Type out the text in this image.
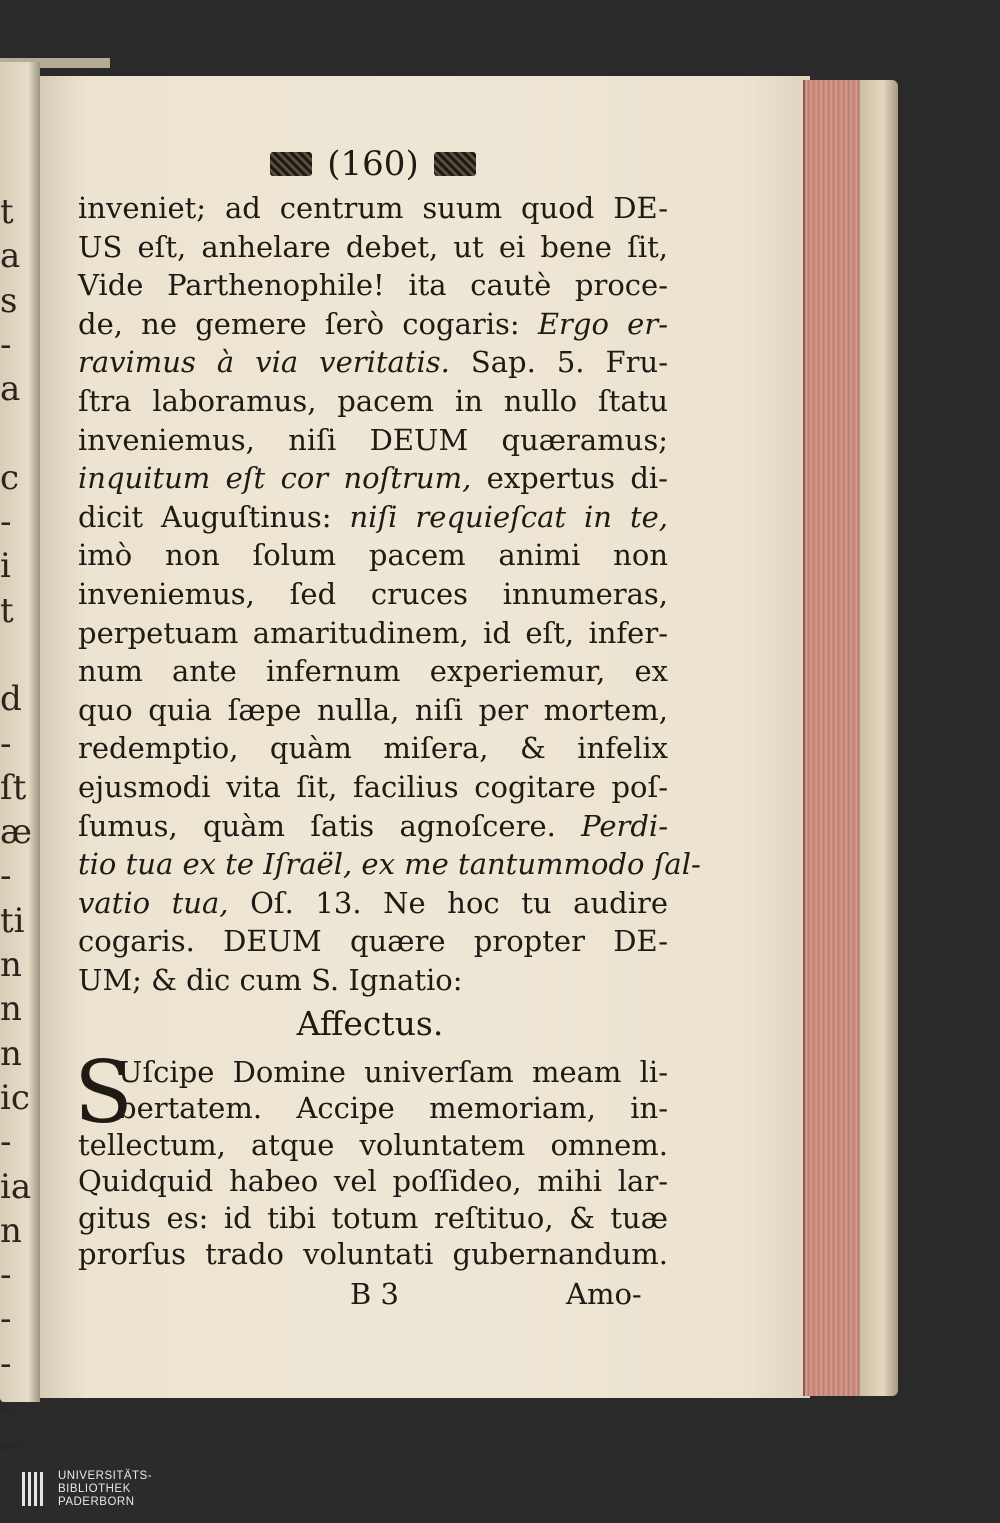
t
a
s
-
a
c
-
i
t
d
-
ſt
æ
-
ti
n
n
n
ic
-
ia
n
-
-
-
-
(160)
inveniet; ad centrum suum quod DE-
US eſt, anhelare debet, ut ei bene ſit,
Vide Parthenophile! ita cautè proce-
de, ne gemere ſerò cogaris: Ergo er-
ravimus à via veritatis. Sap. 5. Fru-
ſtra laboramus, pacem in nullo ſtatu
inveniemus, niſi DEUM quæramus;
inquitum eſt cor noſtrum, expertus di-
dicit Auguſtinus: niſi requieſcat in te,
imò non ſolum pacem animi non
inveniemus, ſed cruces innumeras,
perpetuam amaritudinem, id eſt, infer-
num ante infernum experiemur, ex
quo quia ſæpe nulla, niſi per mortem,
redemptio, quàm miſera, & infelix
ejusmodi vita ſit, facilius cogitare poſ-
ſumus, quàm ſatis agnoſcere. Perdi-
tio tua ex te Iſraël, ex me tantummodo ſal-
vatio tua, Oſ. 13. Ne hoc tu audire
cogaris. DEUM quære propter DE-
UM; & dic cum S. Ignatio:
Affectus.
S
Uſcipe Domine univerſam meam li-
bertatem. Accipe memoriam, in-
tellectum, atque voluntatem omnem.
Quidquid habeo vel poſſideo, mihi lar-
gitus es: id tibi totum reſtituo, & tuæ
prorſus trado voluntati gubernandum.
B 3	Amo-
UNIVERSITÄTS-
BIBLIOTHEK
PADERBORN
